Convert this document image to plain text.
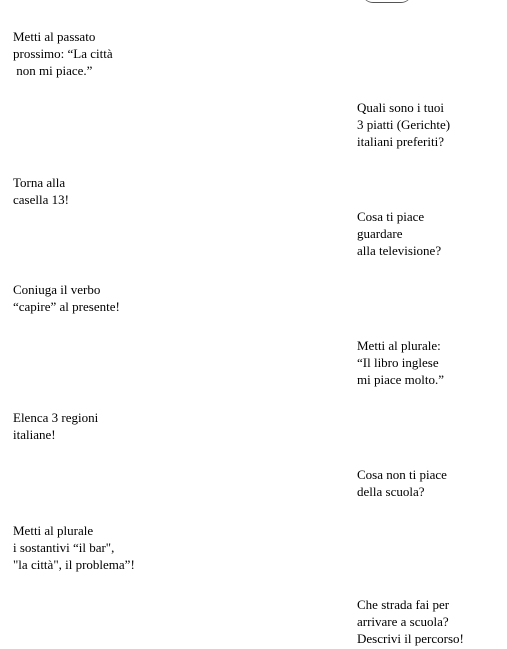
Metti al passato
prossimo: “La città
non mi piace.”
Torna alla
casella 13!
Coniuga il verbo
“capire” al presente!
Elenca 3 regioni
italiane!
Metti al plurale
i sostantivi “il bar",
"la città", il problema”!
Quali sono i tuoi
3 piatti (Gerichte)
italiani preferiti?
Cosa ti piace
guardare
alla televisione?
Metti al plurale:
“Il libro inglese
mi piace molto.”
Cosa non ti piace
della scuola?
Che strada fai per
arrivare a scuola?
Descrivi il percorso!
